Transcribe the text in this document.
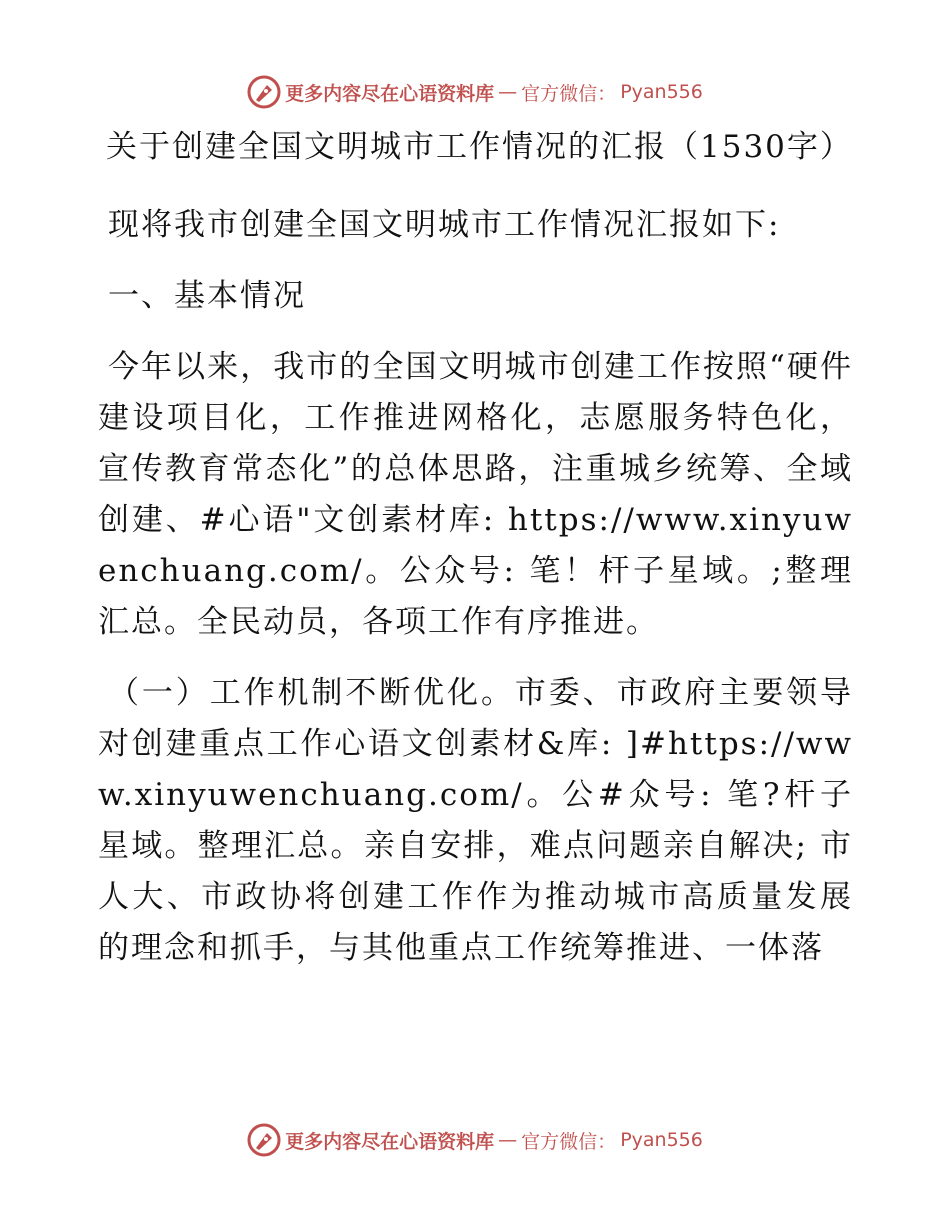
更多内容尽在心语资料库 — 官方微信： Pyan556

关于创建全国文明城市工作情况的汇报（1530字）

现将我市创建全国文明城市工作情况汇报如下:

一、基本情况

今年以来，我市的全国文明城市创建工作按照“硬件建设项目化，工作推进网格化，志愿服务特色化，宣传教育常态化”的总体思路，注重城乡统筹、全域创建、#心语"文创素材库: https://www.xinyuwenchuang.com/。公众号: 笔！杆子星域。;整理汇总。全民动员，各项工作有序推进。

（一）工作机制不断优化。市委、市政府主要领导对创建重点工作心语文创素材&库: ]#https://www.xinyuwenchuang.com/。公#众号: 笔?杆子星域。整理汇总。亲自安排，难点问题亲自解决; 市人大、市政协将创建工作作为推动城市高质量发展的理念和抓手，与其他重点工作统筹推进、一体落

更多内容尽在心语资料库 — 官方微信： Pyan556
